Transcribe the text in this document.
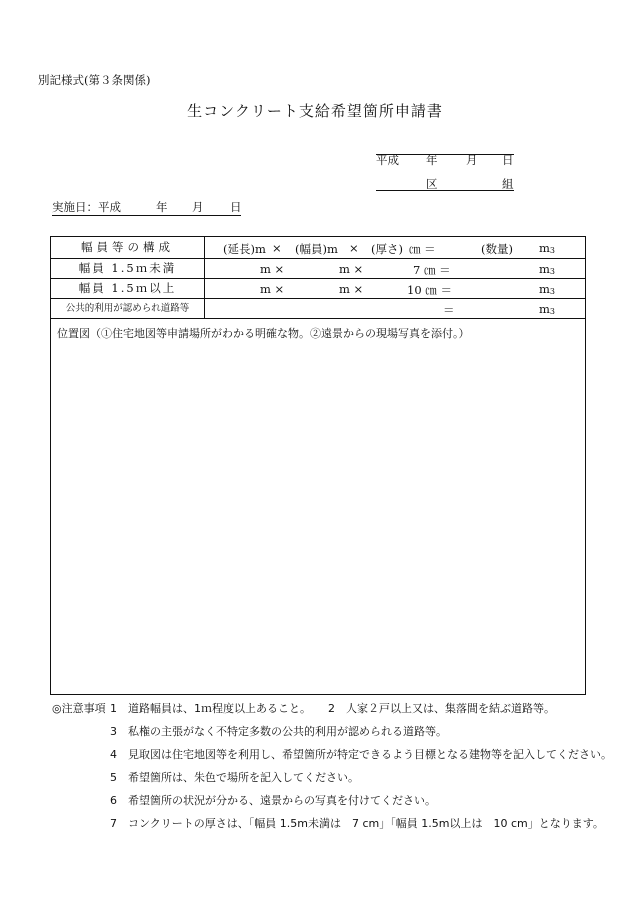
別記様式(第３条関係)
生コンクリート支給希望箇所申請書
平成 年 月 日
区	組
実施日：平成	年 月 日
幅員等の構成	(延長)m × (幅員)m × (厚さ) ㎝ ＝	(数量) m3
幅員 1.5ｍ未満	m ×	m ×	7 ㎝ ＝	m3
幅員 1.5ｍ以上	m ×	m ×	10 ㎝ ＝	m3
公共的利用が認められ道路等	＝	m3
位置図（①住宅地図等申請場所がわかる明確な物。②遠景からの現場写真を添付。）
◎注意事項 1　道路幅員は、1ｍ程度以上あること。 2　人家２戸以上又は、集落間を結ぶ道路等。
3　私権の主張がなく不特定多数の公共的利用が認められる道路等。
4　見取図は住宅地図等を利用し、希望箇所が特定できるよう目標となる建物等を記入してください。
5　希望箇所は、朱色で場所を記入してください。
6　希望箇所の状況が分かる、遠景からの写真を付けてください。
7　コンクリートの厚さは、「幅員 1.5m未満は　7 cm」「幅員 1.5m以上は　10 cm」となります。
